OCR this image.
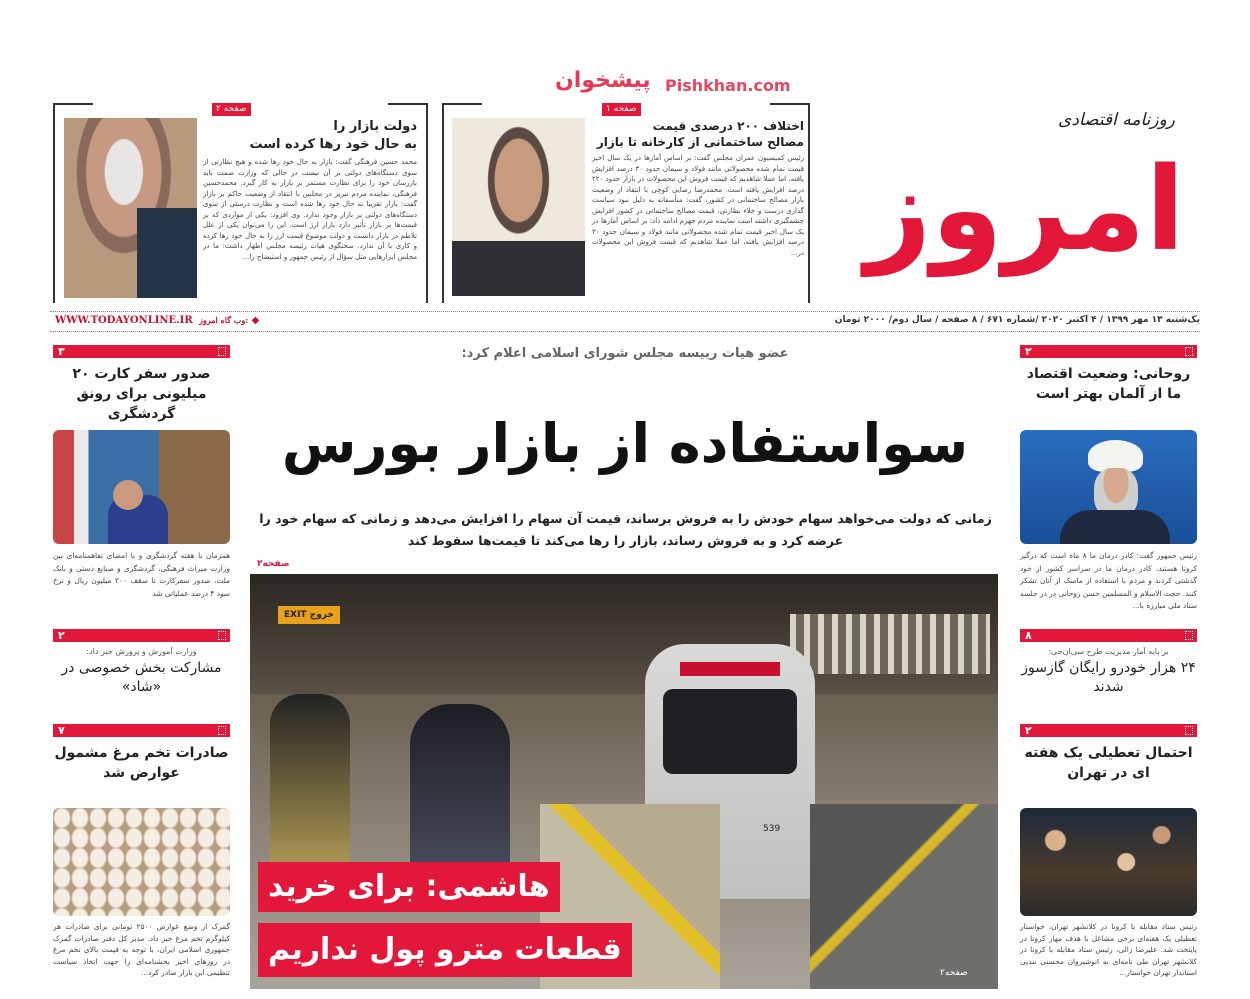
امروز
روزنامه اقتصادی
پیشخوان Pishkhan.com
صفحه ۱
اختلاف ۲۰۰ درصدی قیمت
مصالح ساختمانی از کارخانه تا بازار
رئیس کمیسیون عمران مجلس گفت: بر اساس آمارها در یک سال اخیر قیمت تمام شده محصولاتی مانند فولاد و سیمان حدود ۳۰ درصد افزایش یافته، اما عملا شاهدیم که قیمت فروش این محصولات در بازار حدود ۲۲۰ درصد افزایش یافته است. محمدرضا رضایی کوچی با انتقاد از وضعیت بازار مصالح ساختمانی در کشور، گفت: متأسفانه به دلیل نبود سیاست گذاری درست و خلاء نظارتی، قیمت مصالح ساختمانی در کشور افزایش چشمگیری داشته است نماینده مردم جهرم ادامه داد: بر اساس آمارها در یک سال اخیر قیمت تمام شده محصولاتی مانند فولاد و سیمان حدود ۳۰ درصد افزایش یافته، اما عملا شاهدیم که قیمت فروش این محصولات در...
صفحه ۲
دولت بازار را
به حال خود رها کرده است
محمد حسین فرهنگی گفت: بازار به حال خود رها شده و هیچ نظارتی از سوی دستگاه‌های دولتی بر آن نیست در حالی که وزارت صمت باید بازرسان خود را برای نظارت مستمر بر بازار به کار گیرد. محمدحسین فرهنگی، نماینده مردم تبریز در مجلس با انتقاد از وضعیت حاکم بر بازار گفت: بازار تقریبا به حال خود رها شده است و نظارت درستی از سوی دستگاه‌های دولتی بر بازار وجود ندارد. وی افزود: یکی از مواردی که بر قیمت‌ها بر بازار تأثیر دارد بازار ارز است. این را می‌توان یکی از علل تلاطم در بازار دانست و دولت موضوع قیمت ارز را به حال خود رها کرده و کاری با آن ندارد. سخنگوی هیات رئیسه مجلس اظهار داشت: ما در مجلس ابزارهایی مثل سؤال از رئیس جمهور و استیضاح را...
یک‌شنبه ۱۳ مهر ۱۳۹۹ / ۴ اکتبر ۲۰۲۰ /شماره ۶۷۱ / ۸ صفحه / سال دوم/ ۲۰۰۰ تومان
WWW.TODAYONLINE.IR وب گاه امروز: ◆
عضو هیات رییسه مجلس شورای اسلامی اعلام کرد:
سواستفاده از بازار بورس
زمانی که دولت می‌خواهد سهام خودش را به فروش برساند، قیمت آن سهام را افزایش می‌دهد و زمانی که سهام خود را عرضه کرد و به فروش رساند، بازار را رها می‌کند تا قیمت‌ها سقوط کند
صفحه۲
539
خروج EXIT
هاشمی: برای خرید
قطعات مترو پول نداریم
صفحه۲
۲
روحانی: وضعیت اقتصاد ما از آلمان بهتر است
رئیس جمهور گفت: کادر درمان ما ۸ ماه است که درگیر کرونا هستند، کادر درمان ما در سراسر کشور از خود گذشتی کردند و مردم با استفاده از ماسک از آنان تشکر کنند. حجت الاسلام و المسلمین حسن روحانی در در جلسه ستاد ملی مبارزه با...
۸
بر پایه آمار مدیریت طرح سی‌ان‌جی:
۲۴ هزار خودرو رایگان گازسوز شدند
۲
احتمال تعطیلی یک هفته ای در تهران
رئیس ستاد مقابله با کرونا در کلانشهر تهران، خواستار تعطیلی یک هفته‌ای برخی مشاغل با هدف مهار کرونا در پایتخت شد. علیرضا زالی، رئیس ستاد مقابله با کرونا در کلانشهر تهران طی نامه‌ای به انوشیروان محسنی بندپی استاندار تهران خواستار...
۳
صدور سفر کارت ۲۰ میلیونی برای رونق گردشگری
همزمان با هفته گردشگری و با امضای تفاهمنامه‌ای بین وزارت میراث فرهنگی، گردشگری و صنایع دستی و بانک ملت، صدور سفرکارت تا سقف ۲۰۰ میلیون ریال و نرخ سود ۴ درصد عملیاتی شد
۲
وزارت آموزش و پرورش خبر داد:
مشارکت بخش خصوصی در «شاد»
۷
صادرات تخم مرغ مشمول عوارض شد
گمرک از وضع عوارض ۲۵۰۰ تومانی برای صادرات هر کیلوگرم تخم مرغ خبر داد. مدیر کل دفتر صادرات گمرک جمهوری اسلامی ایران، با توجه به قیمت بالای تخم مرغ در روزهای اخیر بخشنامه‌ای را جهت اتخاذ سیاست تنظیمی این بازار صادر کرد...
